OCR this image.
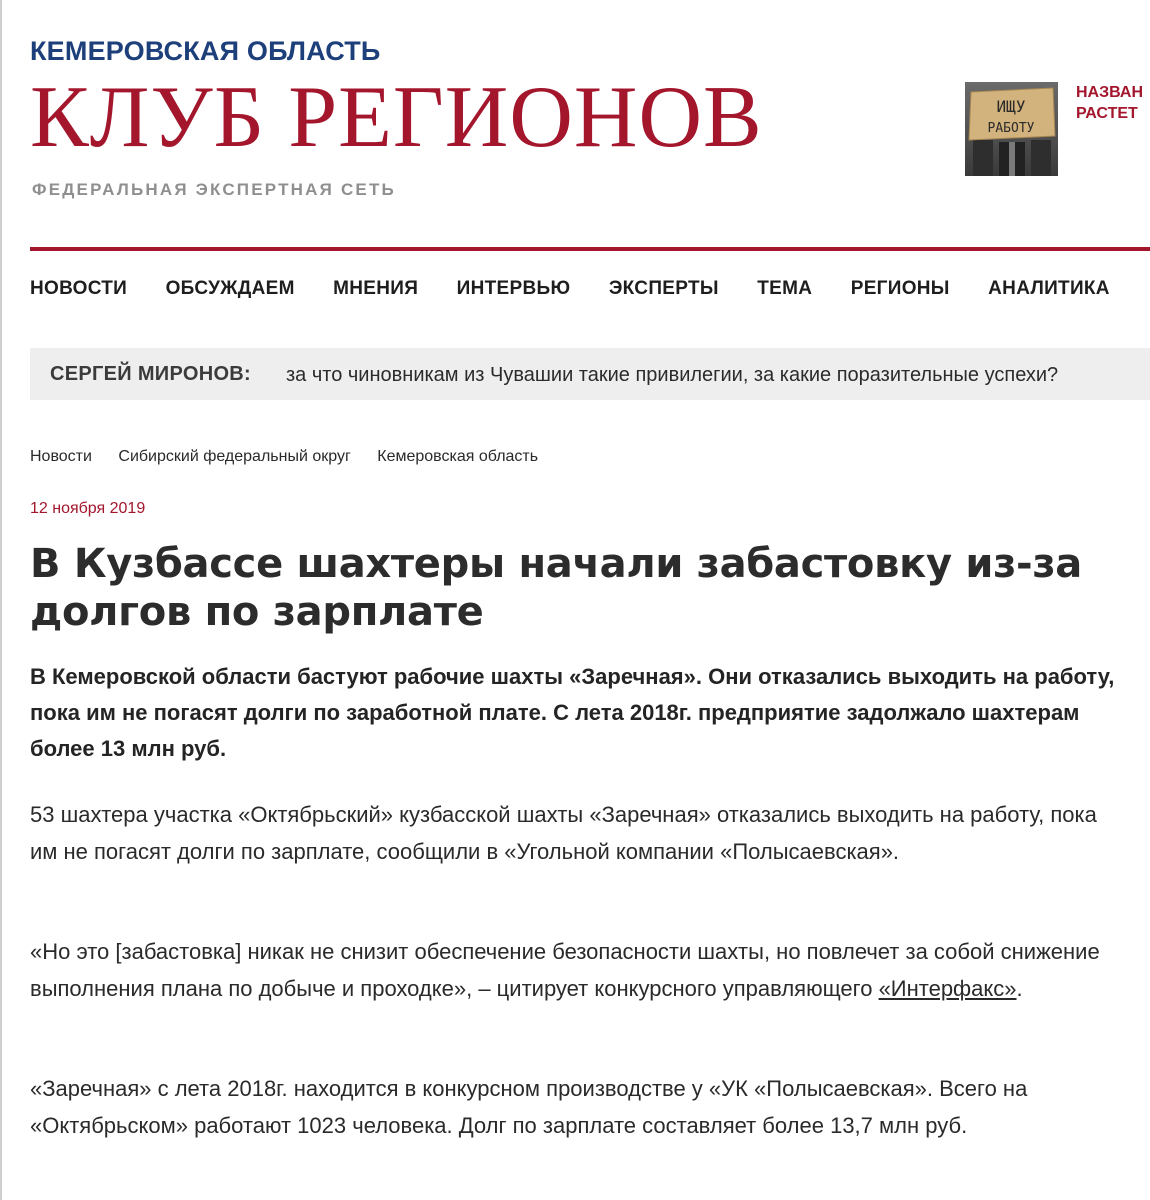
КЕМЕРОВСКАЯ ОБЛАСТЬ
КЛУБ РЕГИОНОВ
ФЕДЕРАЛЬНАЯ ЭКСПЕРТНАЯ СЕТЬ
ИЩУ
РАБОТУ
НАЗВАН
РАСТЕТ
НОВОСТИ ОБСУЖДАЕМ МНЕНИЯ ИНТЕРВЬЮ ЭКСПЕРТЫ ТЕМА РЕГИОНЫ АНАЛИТИКА
СЕРГЕЙ МИРОНОВ: за что чиновникам из Чувашии такие привилегии, за какие поразительные успехи?
Новости Сибирский федеральный округ Кемеровская область
12 ноября 2019
В Кузбассе шахтеры начали забастовку из-за долгов по зарплате

В Кемеровской области бастуют рабочие шахты «Заречная». Они отказались выходить на работу, пока им не погасят долги по заработной плате. С лета 2018г. предприятие задолжало шахтерам более 13 млн руб.

53 шахтера участка «Октябрьский» кузбасской шахты «Заречная» отказались выходить на работу, пока им не погасят долги по зарплате, сообщили в «Угольной компании «Полысаевская».

«Но это [забастовка] никак не снизит обеспечение безопасности шахты, но повлечет за собой снижение выполнения плана по добыче и проходке», – цитирует конкурсного управляющего «Интерфакс».

«Заречная» с лета 2018г. находится в конкурсном производстве у «УК «Полысаевская». Всего на «Октябрьском» работают 1023 человека. Долг по зарплате составляет более 13,7 млн руб.
